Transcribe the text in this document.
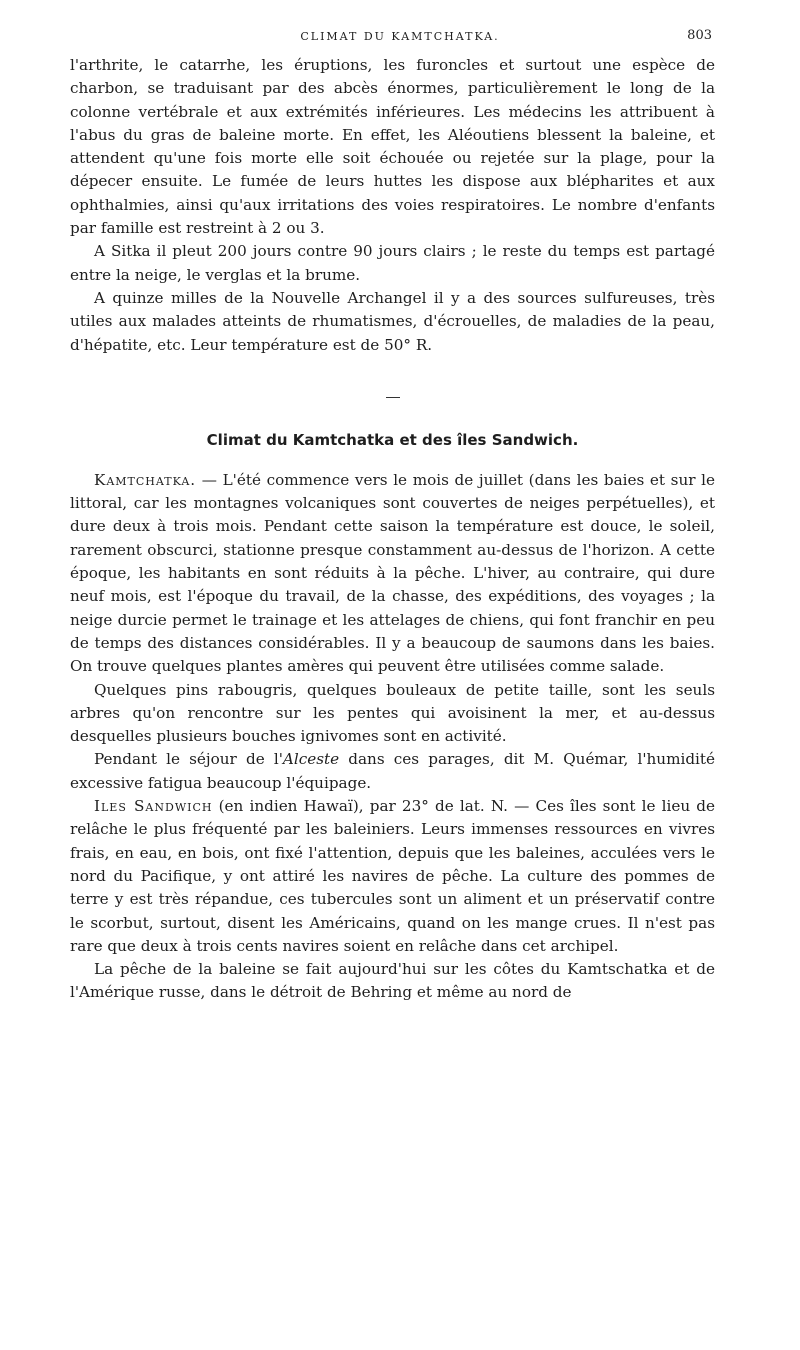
CLIMAT DU KAMTCHATKA.	803

l'arthrite, le catarrhe, les éruptions, les furoncles et surtout une espèce de charbon, se traduisant par des abcès énormes, particulièrement le long de la colonne vertébrale et aux extrémités inférieures. Les médecins les attribuent à l'abus du gras de baleine morte. En effet, les Aléoutiens blessent la baleine, et attendent qu'une fois morte elle soit échouée ou rejetée sur la plage, pour la dépecer ensuite. Le fumée de leurs huttes les dispose aux blépharites et aux ophthalmies, ainsi qu'aux irritations des voies respiratoires. Le nombre d'enfants par famille est restreint à 2 ou 3.

A Sitka il pleut 200 jours contre 90 jours clairs ; le reste du temps est partagé entre la neige, le verglas et la brume.

A quinze milles de la Nouvelle Archangel il y a des sources sulfureuses, très utiles aux malades atteints de rhumatismes, d'écrouelles, de maladies de la peau, d'hépatite, etc. Leur température est de 50° R.

Climat du Kamtchatka et des îles Sandwich.

Kamtchatka. — L'été commence vers le mois de juillet (dans les baies et sur le littoral, car les montagnes volcaniques sont couvertes de neiges perpétuelles), et dure deux à trois mois. Pendant cette saison la température est douce, le soleil, rarement obscurci, stationne presque constamment au-dessus de l'horizon. A cette époque, les habitants en sont réduits à la pêche. L'hiver, au contraire, qui dure neuf mois, est l'époque du travail, de la chasse, des expéditions, des voyages ; la neige durcie permet le trainage et les attelages de chiens, qui font franchir en peu de temps des distances considérables. Il y a beaucoup de saumons dans les baies. On trouve quelques plantes amères qui peuvent être utilisées comme salade.

Quelques pins rabougris, quelques bouleaux de petite taille, sont les seuls arbres qu'on rencontre sur les pentes qui avoisinent la mer, et au-dessus desquelles plusieurs bouches ignivomes sont en activité.

Pendant le séjour de l'Alceste dans ces parages, dit M. Quémar, l'humidité excessive fatigua beaucoup l'équipage.

Iles Sandwich (en indien Hawaï), par 23° de lat. N. — Ces îles sont le lieu de relâche le plus fréquenté par les baleiniers. Leurs immenses ressources en vivres frais, en eau, en bois, ont fixé l'attention, depuis que les baleines, acculées vers le nord du Pacifique, y ont attiré les navires de pêche. La culture des pommes de terre y est très répandue, ces tubercules sont un aliment et un préservatif contre le scorbut, surtout, disent les Américains, quand on les mange crues. Il n'est pas rare que deux à trois cents navires soient en relâche dans cet archipel.

La pêche de la baleine se fait aujourd'hui sur les côtes du Kamtschatka et de l'Amérique russe, dans le détroit de Behring et même au nord de
